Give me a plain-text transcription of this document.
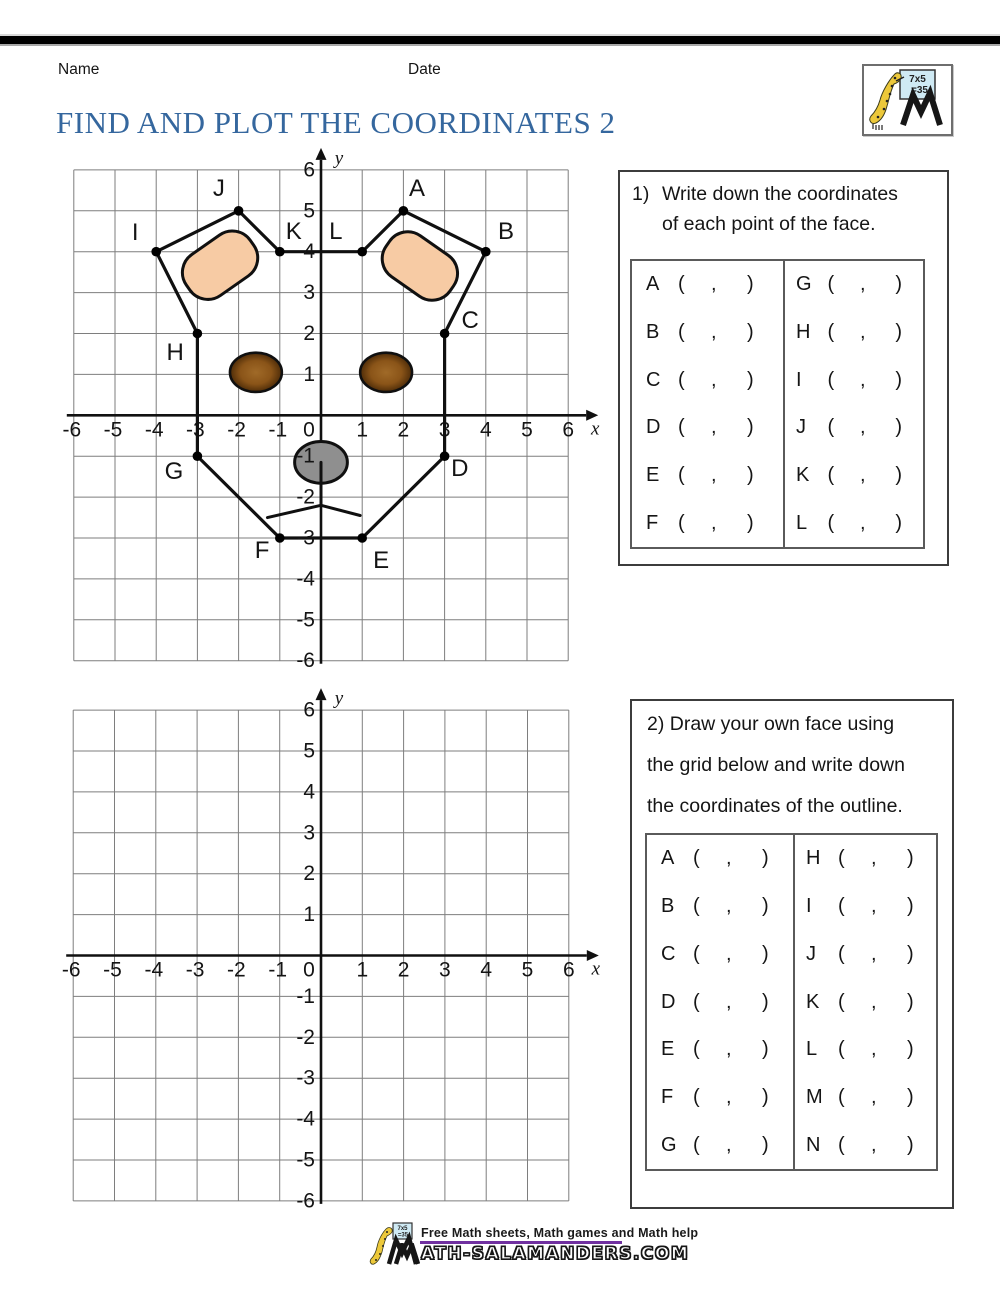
Name	Date
7x5
=35
FIND AND PLOT THE COORDINATES 2
-6 -5 -4 -3 -2 -1 0 1 2 3 4 5 6
6
5
4
3
2
1
-1
-2
-3
-4
-5
-6
x
y
A
B
C
D
E
F
G
H
I
J
K L
-6 -5 -4 -3 -2 -1 0 1 2 3 4 5 6
6
5
4
3
2
1
-1
-2
-3
-4
-5
-6
x
y
1) Write down the coordinates
of each point of the face.
A (	,	)
B (	,	)
C (	,	)
D (	,	)
E (	,	)
F (	,	)
G (	,	)
H (	,	)
I	(	,	)
J	(	,	)
K (	,	)
L	(	,	)
2) Draw your own face using
the grid below and write down
the coordinates of the outline.
A (	,	)
B (	,	)
C (	,	)
D (	,	)
E (	,	)
F (	,	)
G (	,	)
H (	,	)
I	(	,	)
J	(	,	)
K (	,	)
L	(	,	)
M (	,	)
N (	,	)
7x5
=35 Free Math sheets, Math games and Math help
ATH-SALAMANDERS.COM
